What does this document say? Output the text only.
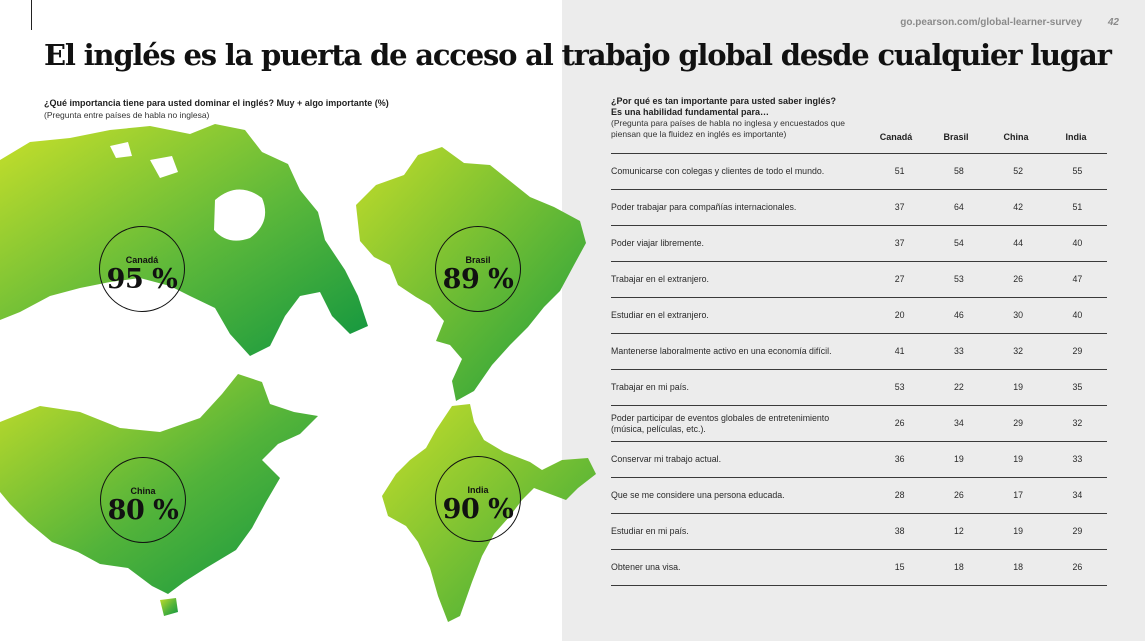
go.pearson.com/global-learner-survey	42
El inglés es la puerta de acceso al trabajo global desde cualquier lugar
¿Qué importancia tiene para usted dominar el inglés? Muy + algo importante (%)
(Pregunta entre países de habla no inglesa)
Canadá
95 %
Brasil
89 %
China
80 %
India
90 %
¿Por qué es tan importante para usted saber inglés?
Es una habilidad fundamental para…
(Pregunta para países de habla no inglesa y encuestados que piensan que la fluidez en inglés es importante)	Canadá	Brasil	China	India
Comunicarse con colegas y clientes de todo el mundo.	51	58	52	55
Poder trabajar para compañías internacionales.	37	64	42	51
Poder viajar libremente.	37	54	44	40
Trabajar en el extranjero.	27	53	26	47
Estudiar en el extranjero.	20	46	30	40
Mantenerse laboralmente activo en una economía difícil.	41	33	32	29
Trabajar en mi país.	53	22	19	35
Poder participar de eventos globales de entretenimiento (música, películas, etc.).	26	34	29	32
Conservar mi trabajo actual.	36	19	19	33
Que se me considere una persona educada.	28	26	17	34
Estudiar en mi país.	38	12	19	29
Obtener una visa.	15	18	18	26
